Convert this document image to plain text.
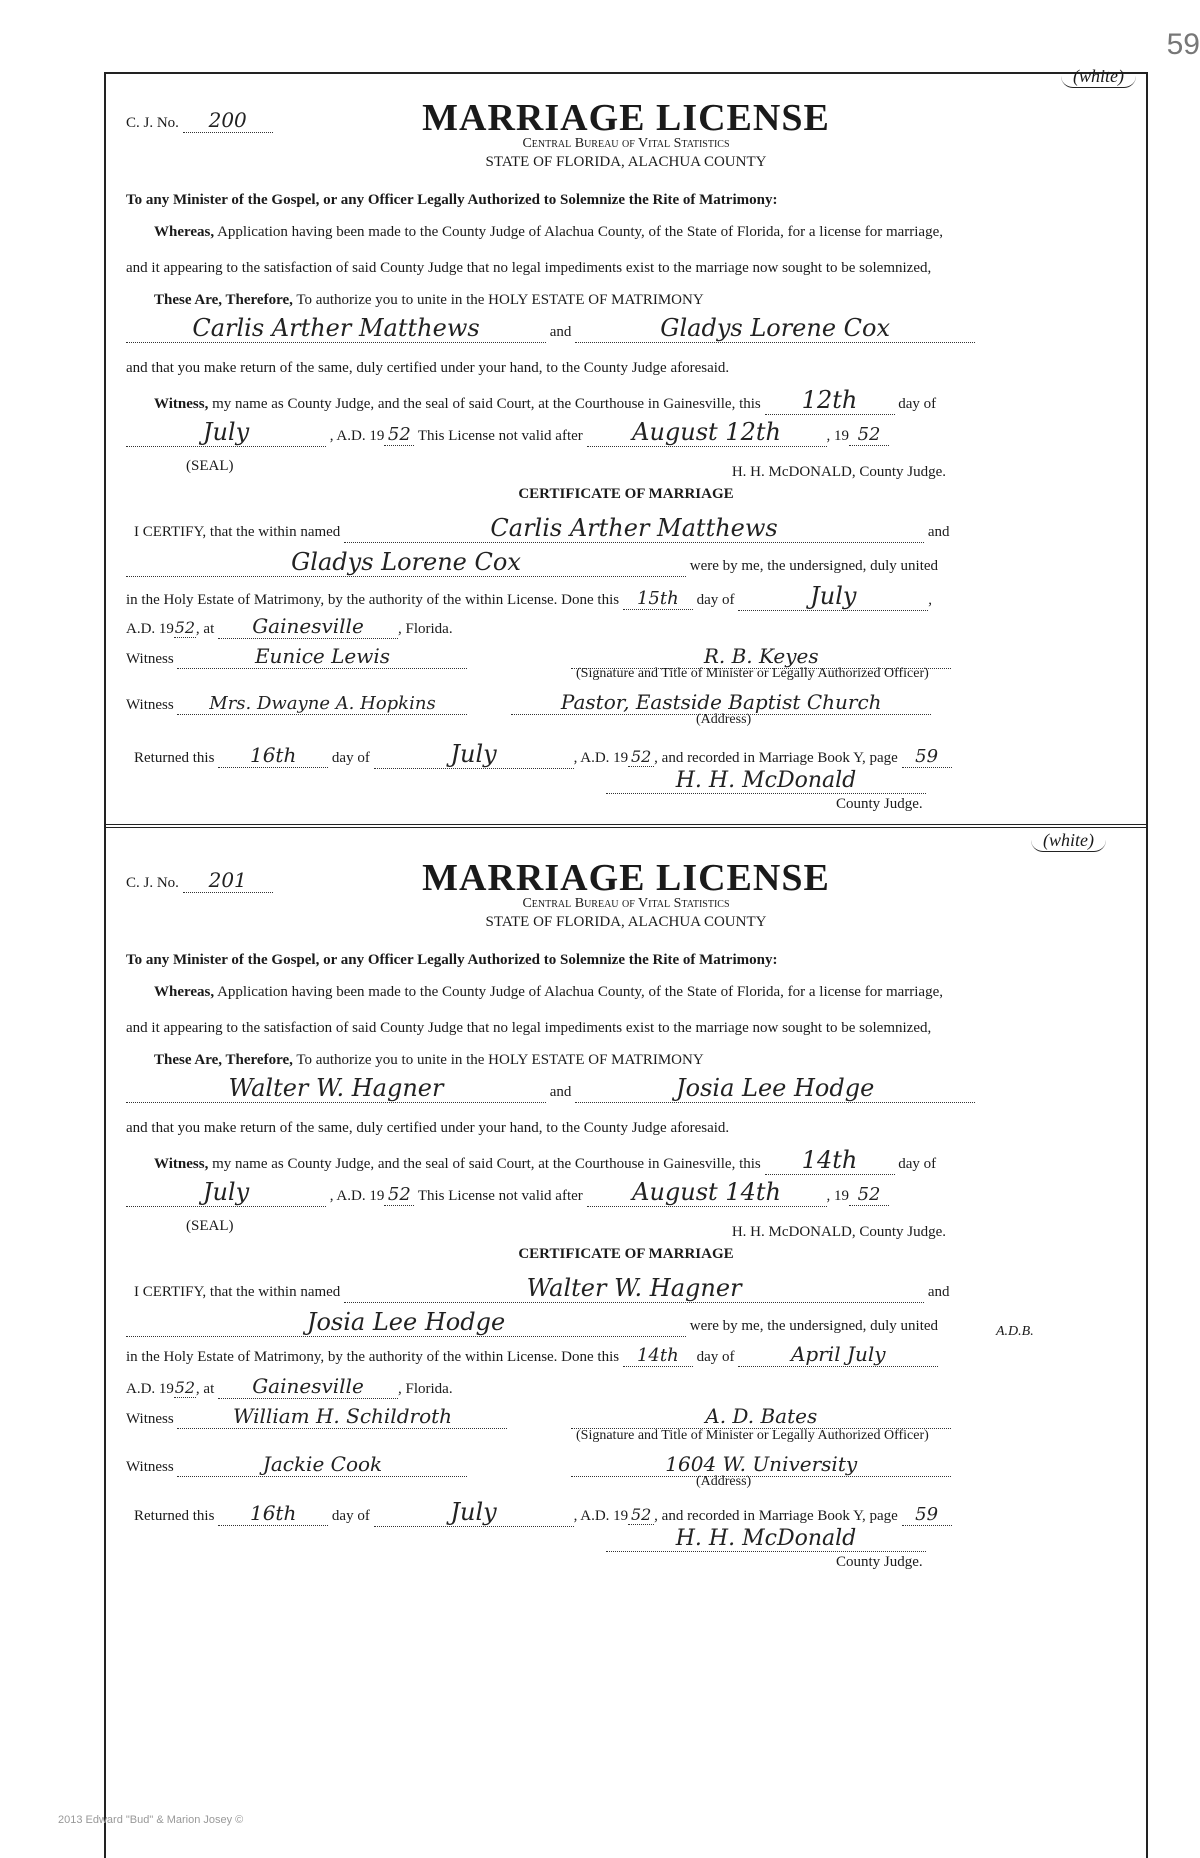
59
(white)
C. J. No. 200	MARRIAGE LICENSE
Central Bureau of Vital Statistics
STATE OF FLORIDA, ALACHUA COUNTY
To any Minister of the Gospel, or any Officer Legally Authorized to Solemnize the Rite of Matrimony:
Whereas, Application having been made to the County Judge of Alachua County, of the State of Florida, for a license for marriage,
and it appearing to the satisfaction of said County Judge that no legal impediments exist to the marriage now sought to be solemnized,
These Are, Therefore, To authorize you to unite in the HOLY ESTATE OF MATRIMONY
Carlis Arther Matthews	and	Gladys Lorene Cox
and that you make return of the same, duly certified under your hand, to the County Judge aforesaid.
Witness, my name as County Judge, and the seal of said Court, at the Courthouse in Gainesville, this 12th	day of
July	, A.D. 19 52 This License not valid after August 12th	, 19 52
(SEAL)	H. H. McDONALD, County Judge.
CERTIFICATE OF MARRIAGE
I CERTIFY, that the within named	Carlis Arther Matthews	and
Gladys Lorene Cox	were by me, the undersigned, duly united
in the Holy Estate of Matrimony, by the authority of the within License. Done this 15th day of	July	,
A.D. 1952, at Gainesville , Florida.
Witness	Eunice Lewis	R. B. Keyes
(Signature and Title of Minister or Legally Authorized Officer)
Witness Mrs. Dwayne A. Hopkins	Pastor, Eastside Baptist Church
(Address)
Returned this 16th day of	July	, A.D. 19 52 , and recorded in Marriage Book Y, page 59
H. H. McDonald
County Judge.
(white)
C. J. No. 201	MARRIAGE LICENSE
Central Bureau of Vital Statistics
STATE OF FLORIDA, ALACHUA COUNTY
To any Minister of the Gospel, or any Officer Legally Authorized to Solemnize the Rite of Matrimony:
Whereas, Application having been made to the County Judge of Alachua County, of the State of Florida, for a license for marriage,
and it appearing to the satisfaction of said County Judge that no legal impediments exist to the marriage now sought to be solemnized,
These Are, Therefore, To authorize you to unite in the HOLY ESTATE OF MATRIMONY
Walter W. Hagner	and	Josia Lee Hodge
and that you make return of the same, duly certified under your hand, to the County Judge aforesaid.
Witness, my name as County Judge, and the seal of said Court, at the Courthouse in Gainesville, this 14th	day of
July	, A.D. 19 52 This License not valid after August 14th	, 19 52
(SEAL)	H. H. McDONALD, County Judge.
CERTIFICATE OF MARRIAGE
I CERTIFY, that the within named	Walter W. Hagner	and
Josia Lee Hodge	were by me, the undersigned, duly united	A.D.B.
in the Holy Estate of Matrimony, by the authority of the within License. Done this 14th day of	April July
A.D. 1952, at Gainesville , Florida.
Witness	William H. Schildroth	A. D. Bates
(Signature and Title of Minister or Legally Authorized Officer)
Witness	Jackie Cook	1604 W. University
(Address)
Returned this 16th day of	July	, A.D. 19 52 , and recorded in Marriage Book Y, page 59
H. H. McDonald
County Judge.
2013 Edward "Bud" & Marion Josey ©
